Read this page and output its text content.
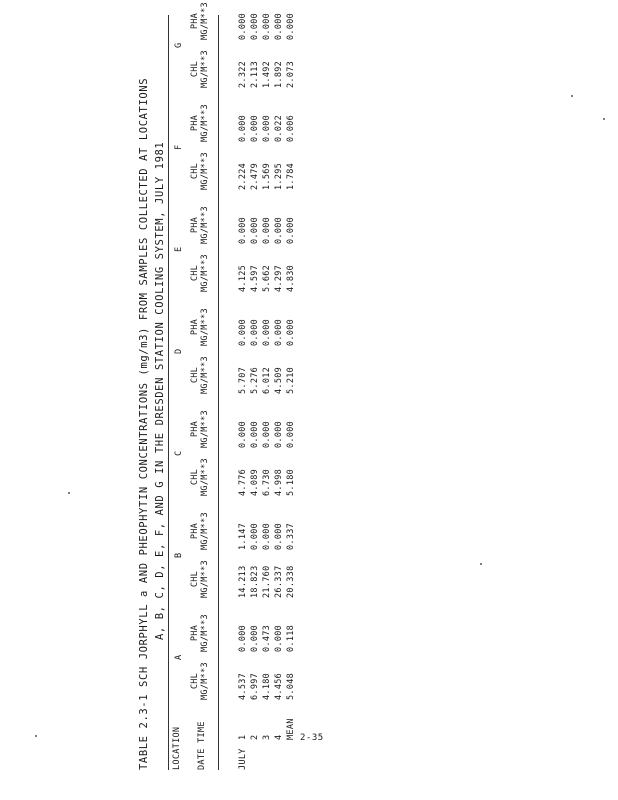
TABLE 2.3-1 SCH JORPHYLL a AND PHEOPHYTIN CONCENTRATIONS (mg/m3) FROM SAMPLES COLLECTED AT LOCATIONS A, B, C, D, E, F, AND G IN THE DRESDEN STATION COOLING SYSTEM, JULY 1981
LOCATION
A
B
C
D
E
F
G
CHL
MG/M**3
PHA
MG/M**3
CHL
MG/M**3
PHA
MG/M**3
CHL
MG/M**3
PHA
MG/M**3
CHL
MG/M**3
PHA
MG/M**3
CHL
MG/M**3
PHA
MG/M**3
CHL
MG/M**3
PHA
MG/M**3
CHL
MG/M**3
PHA
MG/M**3
DATE TIME	JULY
1 2 3 4 MEAN
4.537 6.997 4.180 4.456 5.048
0.000 0.000 0.473 0.000 0.118
14.213 18.823 21.760 26.337 20.338
1.147 0.000 0.000 0.000 0.337
4.776 4.089 6.730 4.998 5.180
0.000 0.000 0.000 0.000 0.000
5.707 5.276 6.012 4.509 5.210
0.000 0.000 0.000 0.000 0.000
4.125 4.597 5.662 4.297 4.830
0.000 0.000 0.000 0.000 0.000
2.224 2.479 1.569 1.295 1.784
0.000 0.000 0.000 0.022 0.006
2.322 2.113 1.492 1.892 2.073
0.000 0.000 0.000 0.000 0.000
2-35
